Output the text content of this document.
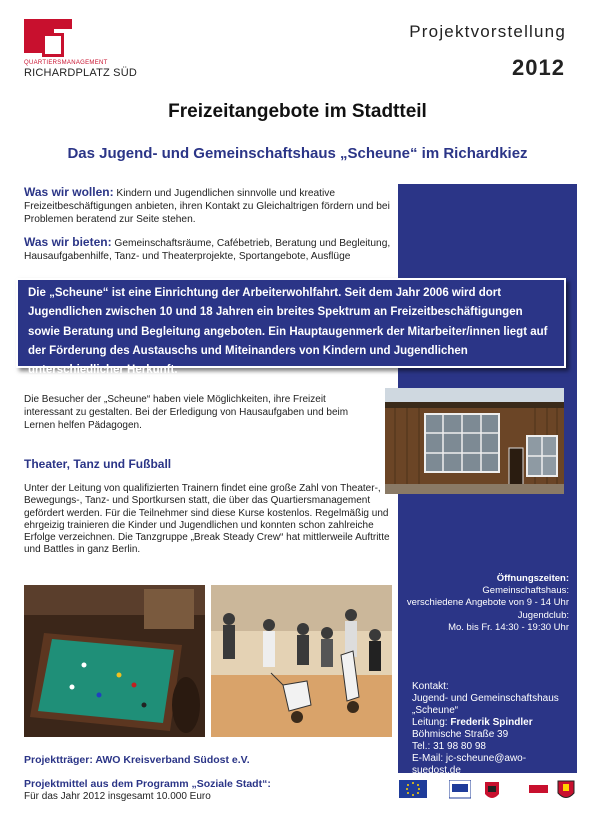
QUARTIERSMANAGEMENT
RICHARDPLATZ SÜD
Projektvorstellung
2012
Freizeitangebote im Stadtteil
Das Jugend- und Gemeinschaftshaus „Scheune“ im Richardkiez

Was wir wollen: Kindern und Jugendlichen sinnvolle und kreative Freizeitbeschäftigungen anbieten, ihren Kontakt zu Gleichaltrigen fördern und bei Problemen beratend zur Seite stehen.

Was wir bieten: Gemeinschaftsräume, Cafébetrieb, Beratung und Begleitung, Hausaufgabenhilfe, Tanz- und Theaterprojekte, Sportangebote, Ausflüge

Die „Scheune“ ist eine Einrichtung der Arbeiterwohlfahrt. Seit dem Jahr 2006 wird dort Jugendlichen zwischen 10 und 18 Jahren ein breites Spektrum an Freizeitbeschäftigungen sowie Beratung und Begleitung angeboten. Ein Hauptaugenmerk der Mitarbeiter/innen liegt auf der Förderung des Austauschs und Miteinanders von Kindern und Jugendlichen unterschiedlicher Herkunft.
Die Besucher der „Scheune“ haben viele Möglichkeiten, ihre Freizeit interessant zu gestalten. Bei der Erledigung von Hausaufgaben und beim Lernen helfen Pädagogen.
Theater, Tanz und Fußball
Unter der Leitung von qualifizierten Trainern findet eine große Zahl von Theater-, Bewegungs-, Tanz- und Sportkursen statt, die über das Quartiersmanagement gefördert werden. Für die Teilnehmer sind diese Kurse kostenlos. Regelmäßig und ehrgeizig trainieren die Kinder und Jugendlichen und konnten schon zahlreiche Erfolge verzeichnen. Die Tanzgruppe „Break Steady Crew“ hat mittlerweile Auftritte und Battles in ganz Berlin.
Öffnungszeiten:
Gemeinschaftshaus:
verschiedene Angebote von 9 - 14 Uhr
Jugendclub:
Mo. bis Fr. 14:30 - 19:30 Uhr
Kontakt:
Jugend- und Gemeinschaftshaus
„Scheune“
Leitung: Frederik Spindler
Böhmische Straße 39
Tel.: 31 98 80 98
E-Mail: jc-scheune@awo-suedost.de
Projektträger: AWO Kreisverband Südost e.V.
Projektmittel aus dem Programm „Soziale Stadt“:
Für das Jahr 2012 insgesamt 10.000 Euro
